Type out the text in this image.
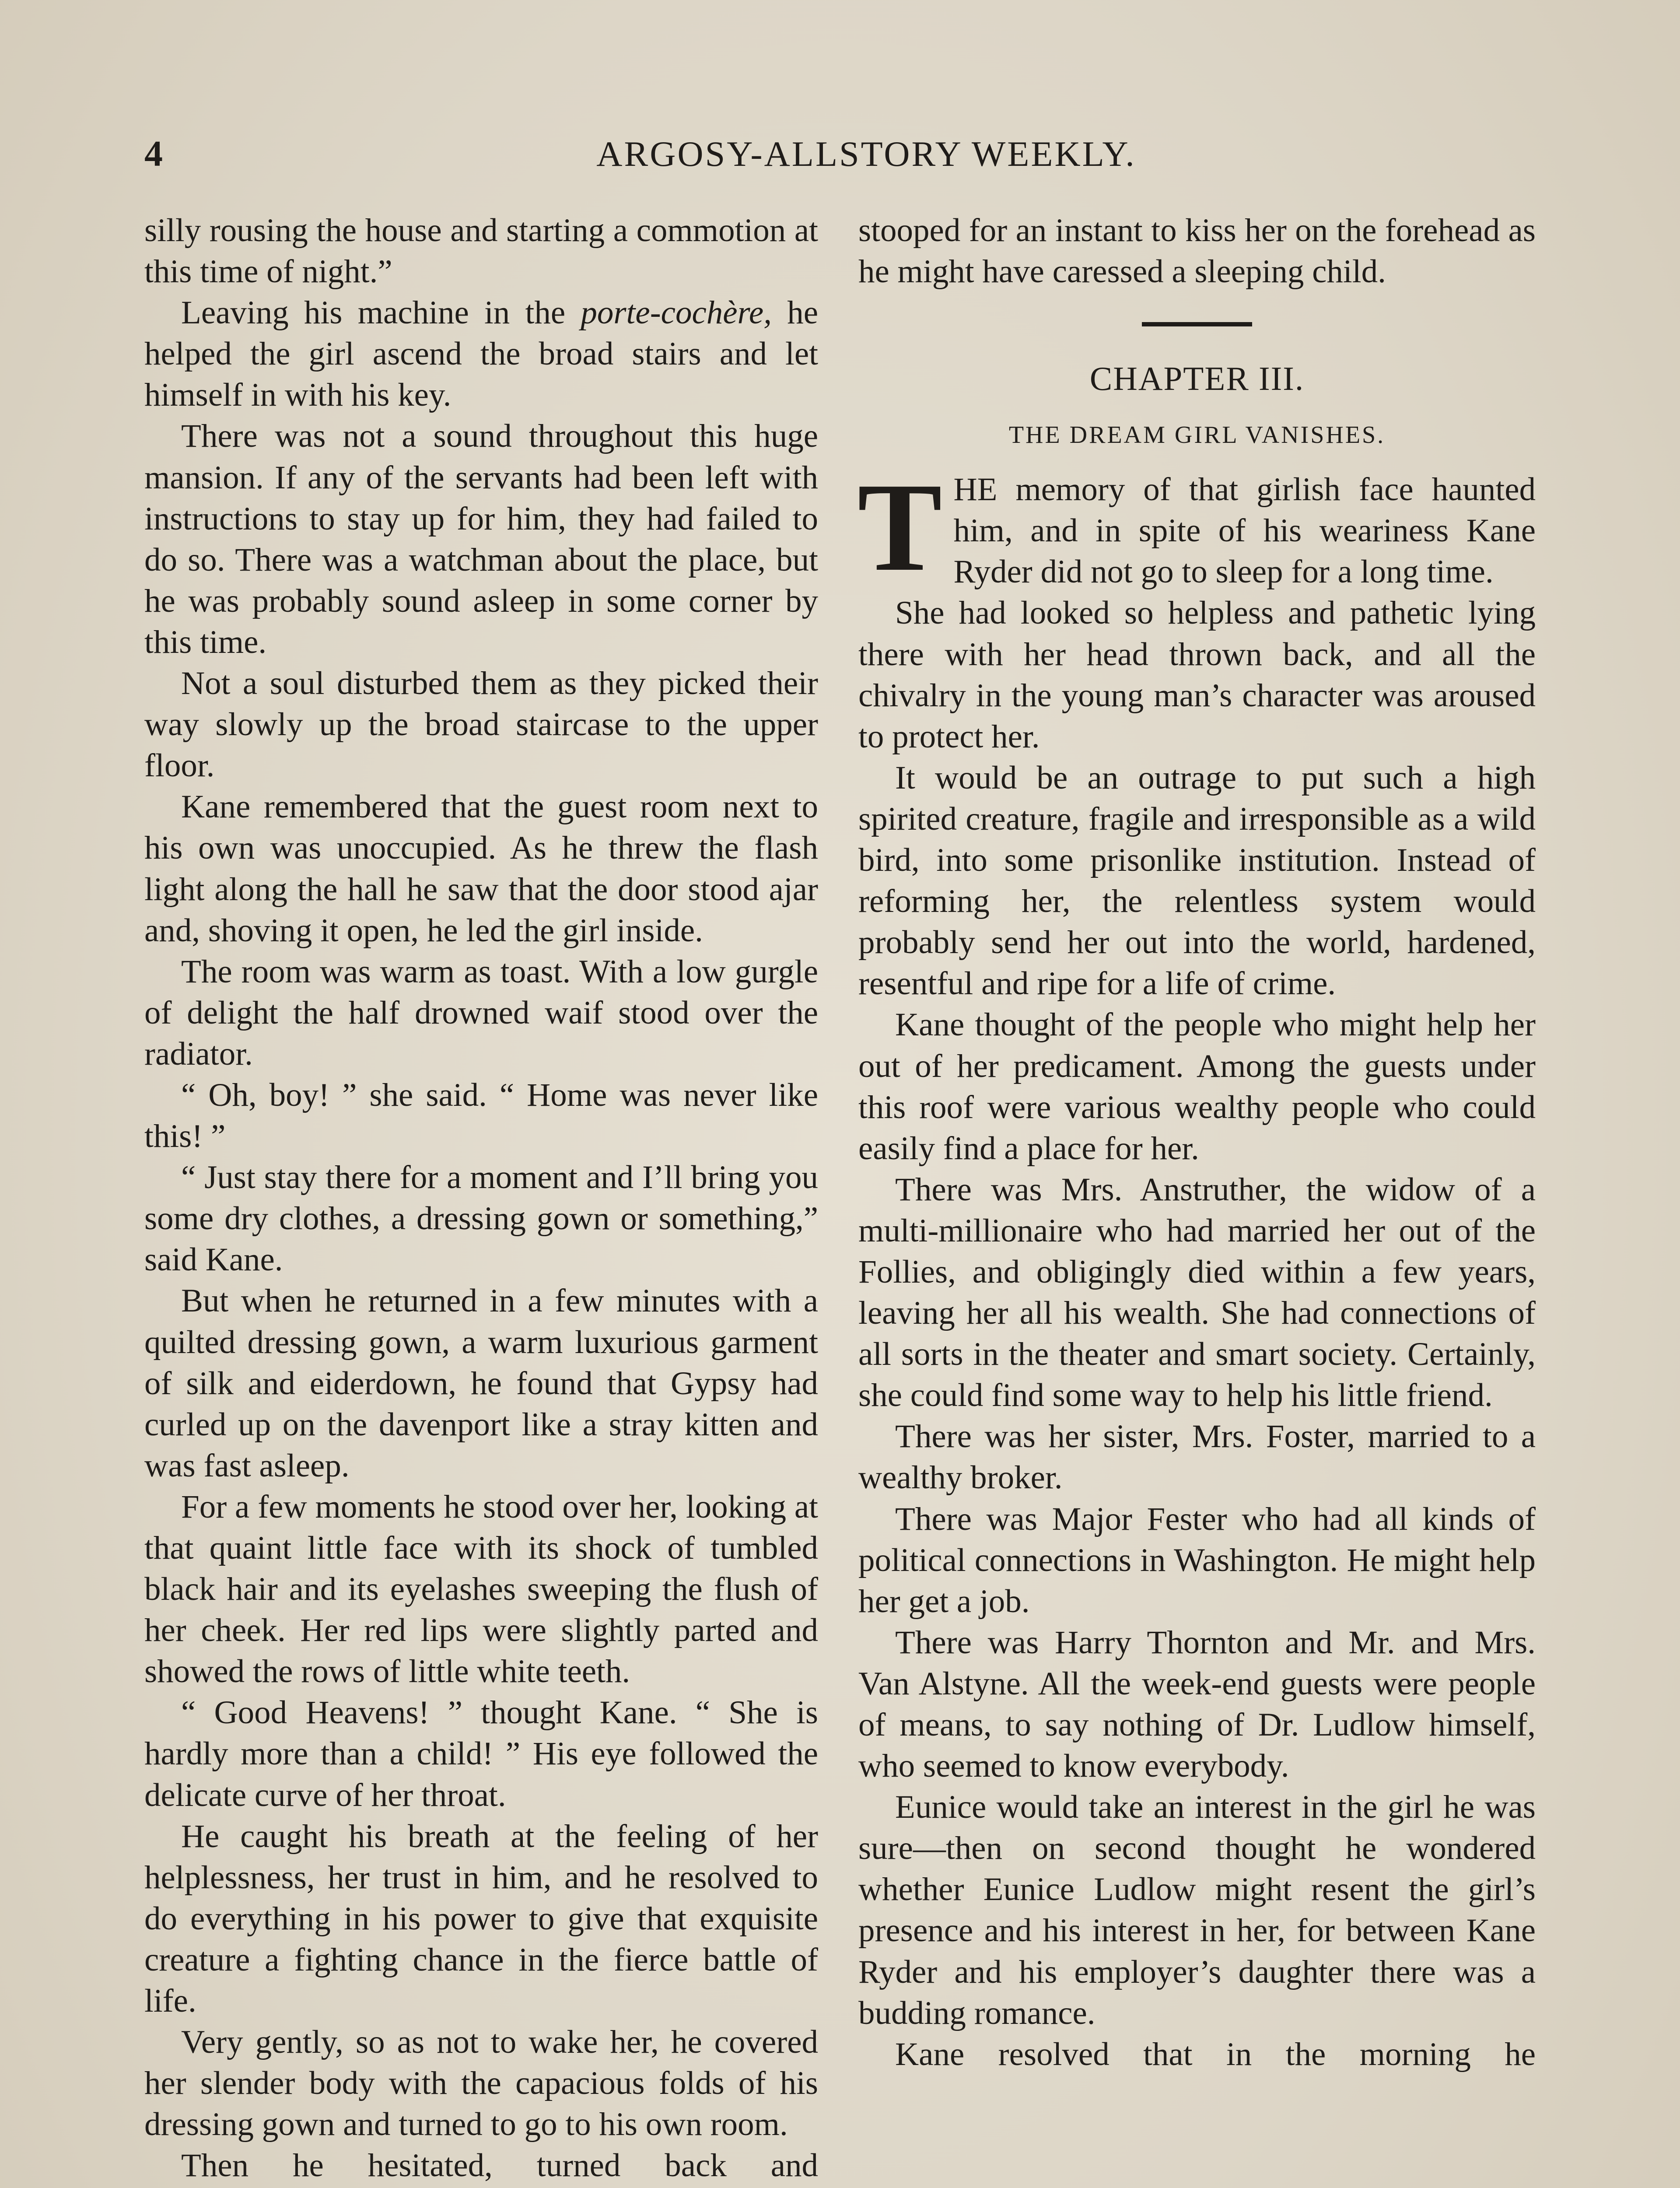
4	ARGOSY-ALLSTORY WEEKLY.

silly rousing the house and starting a commotion at this time of night.”

Leaving his machine in the porte-cochère, he helped the girl ascend the broad stairs and let himself in with his key.

There was not a sound throughout this huge mansion. If any of the servants had been left with instructions to stay up for him, they had failed to do so. There was a watchman about the place, but he was probably sound asleep in some corner by this time.

Not a soul disturbed them as they picked their way slowly up the broad staircase to the upper floor.

Kane remembered that the guest room next to his own was unoccupied. As he threw the flash light along the hall he saw that the door stood ajar and, shoving it open, he led the girl inside.

The room was warm as toast. With a low gurgle of delight the half drowned waif stood over the radiator.

“ Oh, boy! ” she said. “ Home was never like this! ”

“ Just stay there for a moment and I’ll bring you some dry clothes, a dressing gown or something,” said Kane.

But when he returned in a few minutes with a quilted dressing gown, a warm luxurious garment of silk and eiderdown, he found that Gypsy had curled up on the davenport like a stray kitten and was fast asleep.

For a few moments he stood over her, looking at that quaint little face with its shock of tumbled black hair and its eyelashes sweeping the flush of her cheek. Her red lips were slightly parted and showed the rows of little white teeth.

“ Good Heavens! ” thought Kane. “ She is hardly more than a child! ” His eye followed the delicate curve of her throat.

He caught his breath at the feeling of her helplessness, her trust in him, and he resolved to do everything in his power to give that exquisite creature a fighting chance in the fierce battle of life.

Very gently, so as not to wake her, he covered her slender body with the capacious folds of his dressing gown and turned to go to his own room.

Then he hesitated, turned back and

stooped for an instant to kiss her on the forehead as he might have caressed a sleeping child.

CHAPTER III.
THE DREAM GIRL VANISHES.

THE memory of that girlish face haunted him, and in spite of his weariness Kane Ryder did not go to sleep for a long time.

She had looked so helpless and pathetic lying there with her head thrown back, and all the chivalry in the young man’s character was aroused to protect her.

It would be an outrage to put such a high spirited creature, fragile and irresponsible as a wild bird, into some prisonlike institution. Instead of reforming her, the relentless system would probably send her out into the world, hardened, resentful and ripe for a life of crime.

Kane thought of the people who might help her out of her predicament. Among the guests under this roof were various wealthy people who could easily find a place for her.

There was Mrs. Anstruther, the widow of a multi-millionaire who had married her out of the Follies, and obligingly died within a few years, leaving her all his wealth. She had connections of all sorts in the theater and smart society. Certainly, she could find some way to help his little friend.

There was her sister, Mrs. Foster, married to a wealthy broker.

There was Major Fester who had all kinds of political connections in Washington. He might help her get a job.

There was Harry Thornton and Mr. and Mrs. Van Alstyne. All the week-end guests were people of means, to say nothing of Dr. Ludlow himself, who seemed to know everybody.

Eunice would take an interest in the girl he was sure—then on second thought he wondered whether Eunice Ludlow might resent the girl’s presence and his interest in her, for between Kane Ryder and his employer’s daughter there was a budding romance.

Kane resolved that in the morning he
